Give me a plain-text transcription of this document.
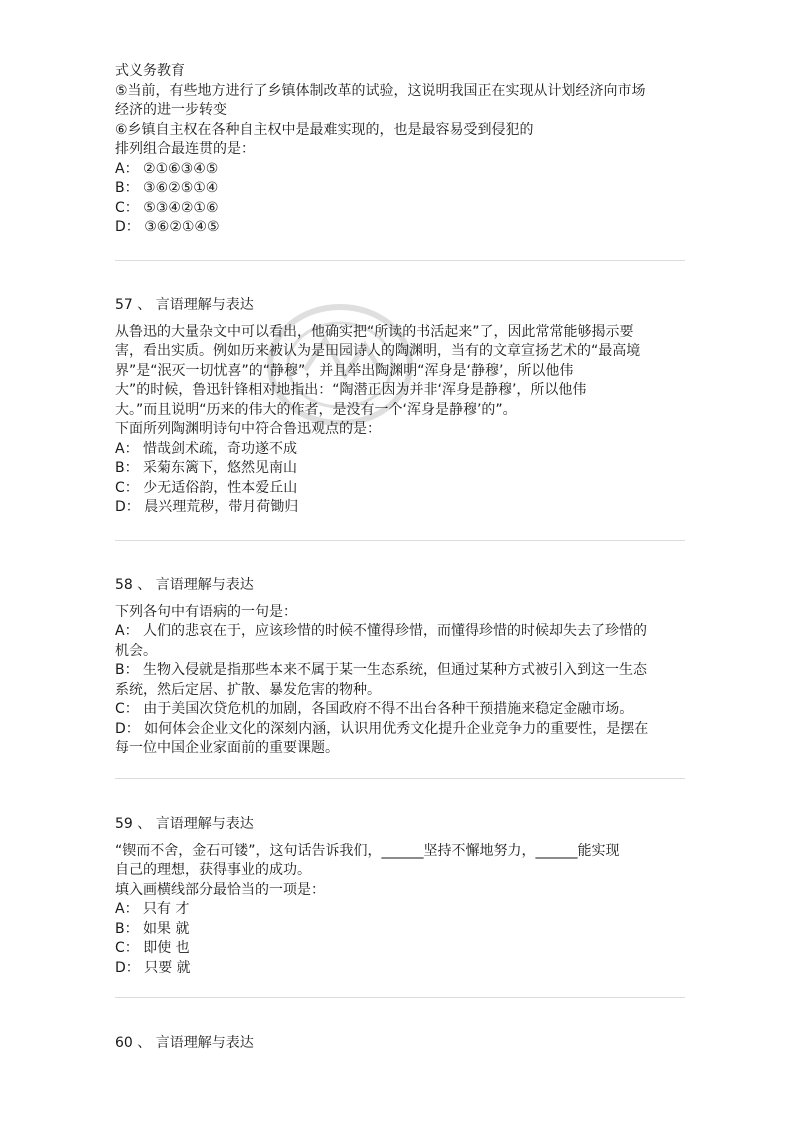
式义务教育
⑤当前，有些地方进行了乡镇体制改革的试验，这说明我国正在实现从计划经济向市场
经济的进一步转变
⑥乡镇自主权在各种自主权中是最难实现的，也是最容易受到侵犯的
排列组合最连贯的是：
A： ②①⑥③④⑤
B： ③⑥②⑤①④
C： ⑤③④②①⑥
D： ③⑥②①④⑤
57 、 言语理解与表达
从鲁迅的大量杂文中可以看出，他确实把“所读的书活起来”了，因此常常能够揭示要
害，看出实质。例如历来被认为是田园诗人的陶渊明，当有的文章宣扬艺术的“最高境
界”是“泯灭一切忧喜”的“静穆”，并且举出陶渊明“浑身是‘静穆’，所以他伟
大”的时候，鲁迅针锋相对地指出：“陶潜正因为并非‘浑身是静穆’，所以他伟
大。”而且说明“历来的伟大的作者，是没有一个‘浑身是静穆’的”。
下面所列陶渊明诗句中符合鲁迅观点的是：
A： 惜哉剑术疏，奇功遂不成
B： 采菊东篱下，悠然见南山
C： 少无适俗韵，性本爱丘山
D： 晨兴理荒秽，带月荷锄归
58 、 言语理解与表达
下列各句中有语病的一句是：
A： 人们的悲哀在于，应该珍惜的时候不懂得珍惜，而懂得珍惜的时候却失去了珍惜的
机会。
B： 生物入侵就是指那些本来不属于某一生态系统，但通过某种方式被引入到这一生态
系统，然后定居、扩散、暴发危害的物种。
C： 由于美国次贷危机的加剧，各国政府不得不出台各种干预措施来稳定金融市场。
D： 如何体会企业文化的深刻内涵，认识用优秀文化提升企业竞争力的重要性，是摆在
每一位中国企业家面前的重要课题。
59 、 言语理解与表达
“锲而不舍，金石可镂”，这句话告诉我们，______坚持不懈地努力，______能实现
自己的理想，获得事业的成功。
填入画横线部分最恰当的一项是：
A： 只有 才
B： 如果 就
C： 即使 也
D： 只要 就
60 、 言语理解与表达
